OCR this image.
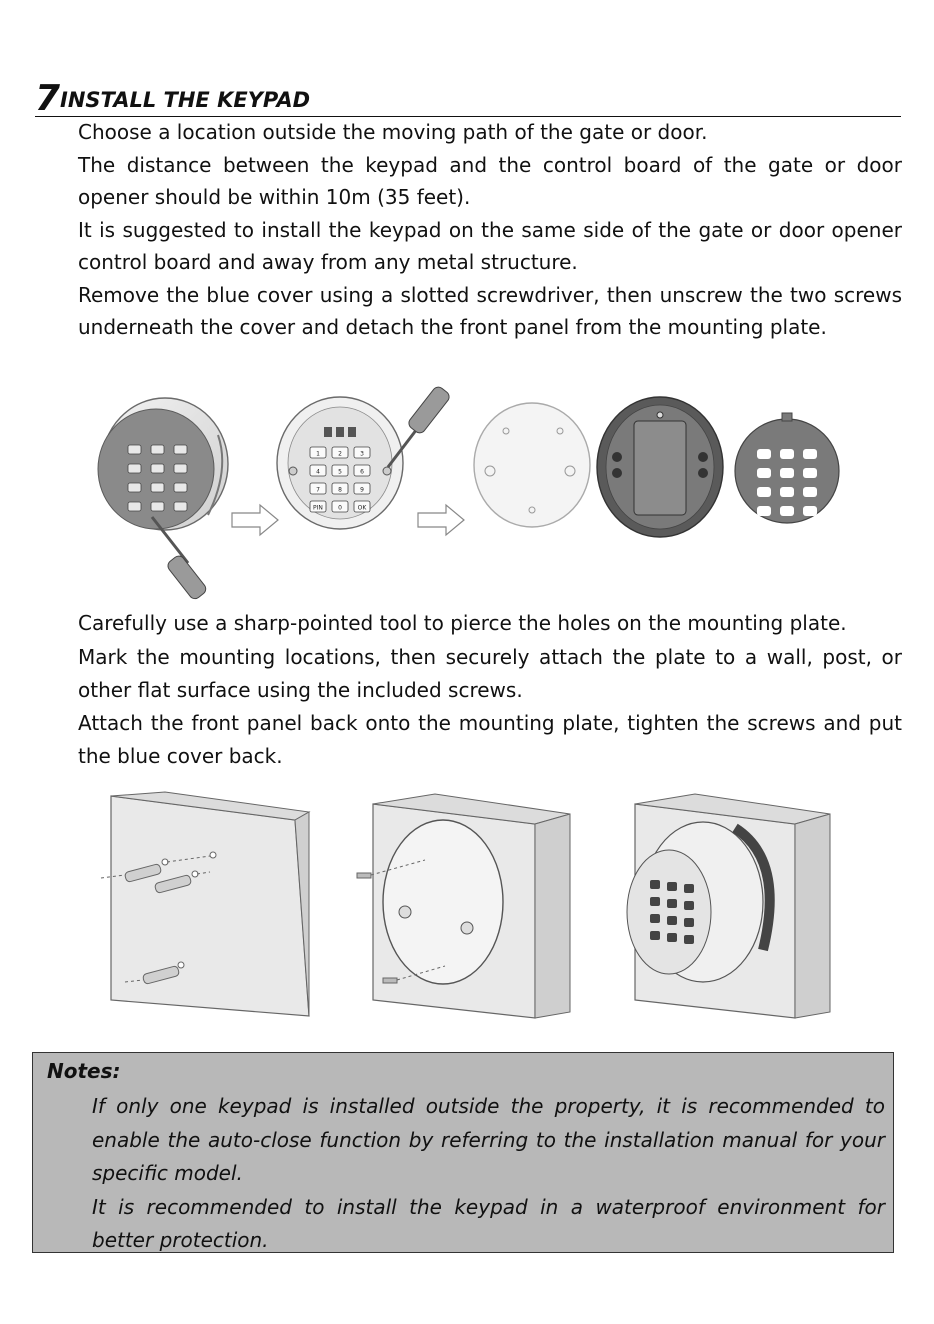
7 INSTALL THE KEYPAD

Choose a location outside the moving path of the gate or door.

The distance between the keypad and the control board of the gate or door opener should be within 10m (35 feet).

It is suggested to install the keypad on the same side of the gate or door opener control board and away from any metal structure.

Remove the blue cover using a slotted screwdriver, then unscrew the two screws underneath the cover and detach the front panel from the mounting plate.

1	2	3
4	5	6
7	8	9
PIN	0	OK

Carefully use a sharp-pointed tool to pierce the holes on the mounting plate.

Mark the mounting locations, then securely attach the plate to a wall, post, or other flat surface using the included screws.

Attach the front panel back onto the mounting plate, tighten the screws and put the blue cover back.

Notes:

If only one keypad is installed outside the property, it is recommended to enable the auto-close function by referring to the installation manual for your specific model.

It is recommended to install the keypad in a waterproof environment for better protection.
